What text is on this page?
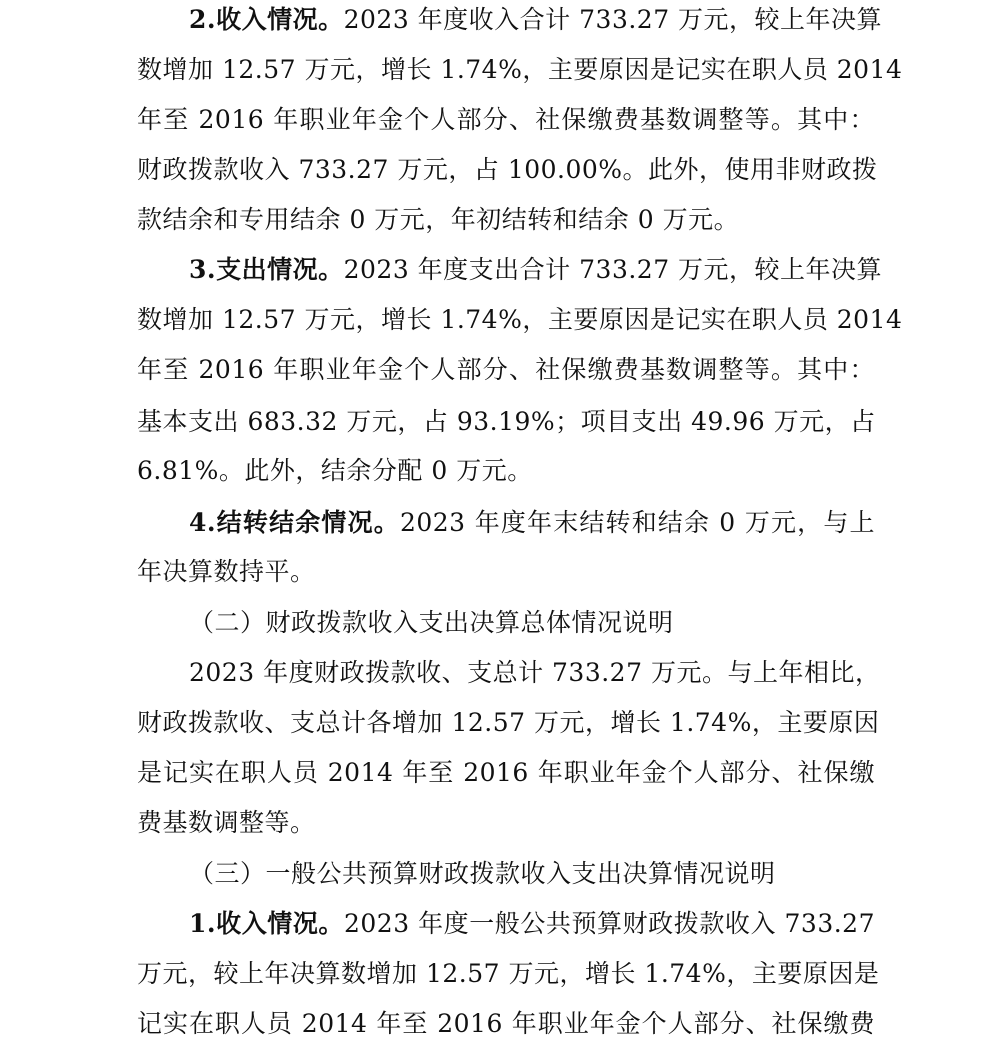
2.收入情况。2023 年度收入合计 733.27 万元，较上年决算
数增加 12.57 万元，增长 1.74%，主要原因是记实在职人员 2014
年至 2016 年职业年金个人部分、社保缴费基数调整等。其中：
财政拨款收入 733.27 万元，占 100.00%。此外，使用非财政拨
款结余和专用结余 0 万元，年初结转和结余 0 万元。
3.支出情况。2023 年度支出合计 733.27 万元，较上年决算
数增加 12.57 万元，增长 1.74%，主要原因是记实在职人员 2014
年至 2016 年职业年金个人部分、社保缴费基数调整等。其中：
基本支出 683.32 万元，占 93.19%；项目支出 49.96 万元，占
6.81%。此外，结余分配 0 万元。
4.结转结余情况。2023 年度年末结转和结余 0 万元，与上
年决算数持平。
（二）财政拨款收入支出决算总体情况说明
2023 年度财政拨款收、支总计 733.27 万元。与上年相比，
财政拨款收、支总计各增加 12.57 万元，增长 1.74%，主要原因
是记实在职人员 2014 年至 2016 年职业年金个人部分、社保缴
费基数调整等。
（三）一般公共预算财政拨款收入支出决算情况说明
1.收入情况。2023 年度一般公共预算财政拨款收入 733.27
万元，较上年决算数增加 12.57 万元，增长 1.74%，主要原因是
记实在职人员 2014 年至 2016 年职业年金个人部分、社保缴费
